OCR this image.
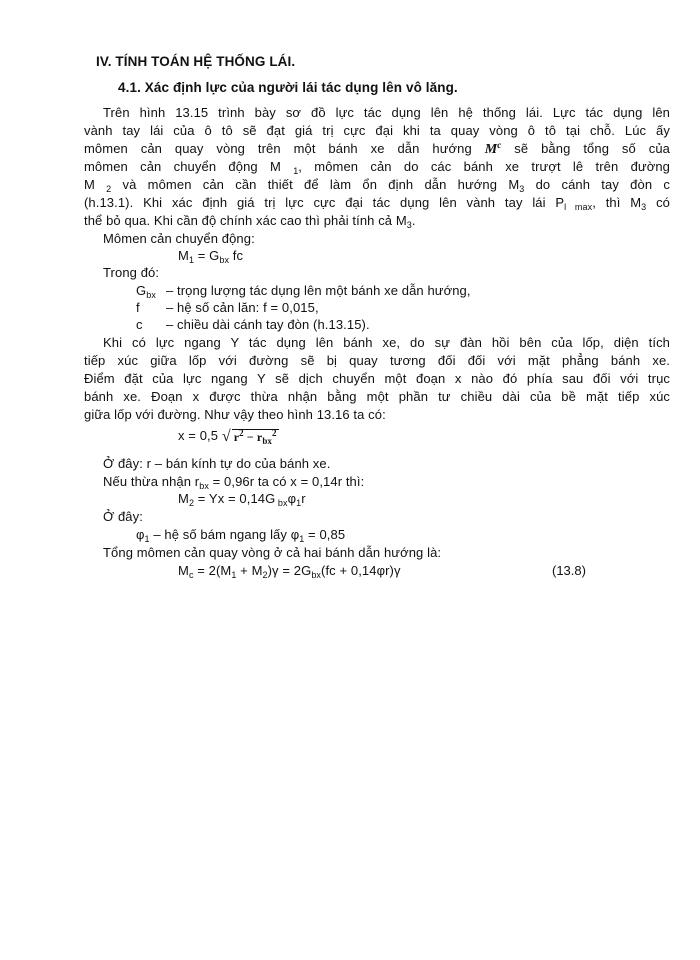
IV. TÍNH TOÁN HỆ THỐNG LÁI.
4.1. Xác định lực của người lái tác dụng lên vô lăng.
Trên hình 13.15 trình bày sơ đồ lực tác dụng lên hệ thống lái. Lực tác dụng lên
vành tay lái của ô tô sẽ đạt giá trị cực đại khi ta quay vòng ô tô tại chỗ. Lúc ấy
mômen cản quay vòng trên một bánh xe dẫn hướng $M^c$ sẽ bằng tổng số của
mômen cản chuyển động M $_1$, mômen cản do các bánh xe trượt lê trên đường
M $_2$ và mômen cản cần thiết để làm ổn định dẫn hướng $M_3$ do cánh tay đòn c
(h.13.1). Khi xác định giá trị lực cực đại tác dụng lên vành tay lái $P_{l max}$, thì $M_3$ có
thể bỏ qua. Khi cần độ chính xác cao thì phải tính cả $M_3$.
Mômen cản chuyển động:
$M_1 = G_{bx}$ fc
Trong đó:
$G_{bx}$ – trọng lượng tác dụng lên một bánh xe dẫn hướng,
f – hệ số cản lăn: f = 0,015,
c – chiều dài cánh tay đòn (h.13.15).
Khi có lực ngang Y tác dụng lên bánh xe, do sự đàn hồi bên của lốp, diện tích
tiếp xúc giữa lốp với đường sẽ bị quay tương đối đối với mặt phẳng bánh xe.
Điểm đặt của lực ngang Y sẽ dịch chuyển một đoạn x nào đó phía sau đối với trục
bánh xe. Đoạn x được thừa nhận bằng một phần tư chiều dài của bề mặt tiếp xúc
giữa lốp với đường. Như vậy theo hình 13.16 ta có:
x = 0,5 √ $r^2 - r_{bx}^2$
Ở đây: r – bán kính tự do của bánh xe.
Nếu thừa nhận $r_{bx} = 0,96r$ ta có x = 0,14r thì:
$M_2 = Yx = 0,14G$ $_{bx}\varphi_1r$
Ở đây:
$\varphi_1$ – hệ số bám ngang lấy $\varphi_1 = 0,85$
Tổng mômen cản quay vòng ở cả hai bánh dẫn hướng là:
$M_c = 2(M_1 + M_2)\gamma = 2G_{bx}(fc + 0,14\varphi r)\gamma$	(13.8)
